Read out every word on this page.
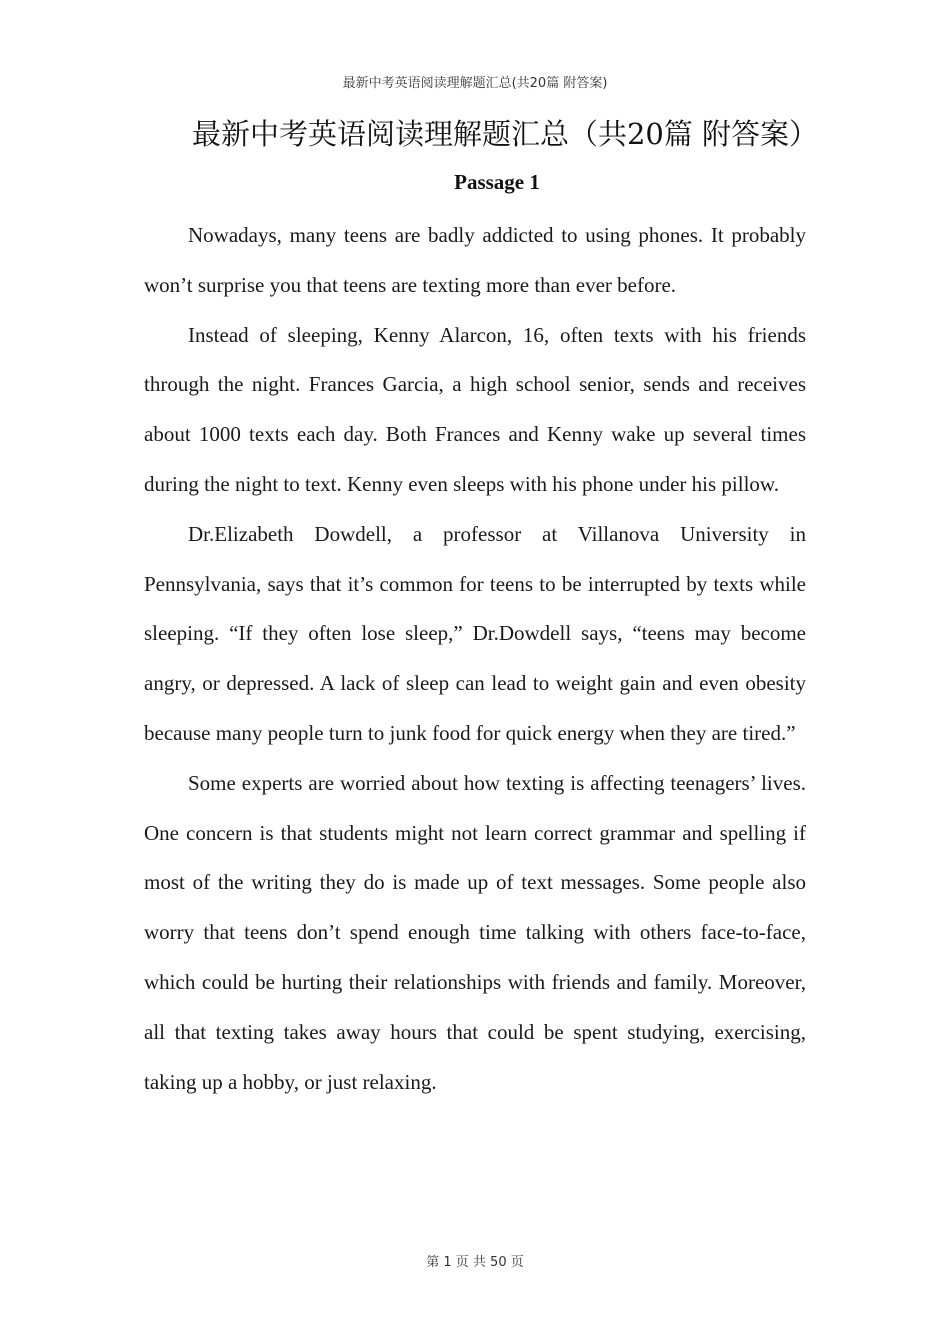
最新中考英语阅读理解题汇总(共20篇 附答案)
最新中考英语阅读理解题汇总（共20篇 附答案）
Passage 1

Nowadays, many teens are badly addicted to using phones. It probably won’t surprise you that teens are texting more than ever before.

Instead of sleeping, Kenny Alarcon, 16, often texts with his friends through the night. Frances Garcia, a high school senior, sends and receives about 1000 texts each day. Both Frances and Kenny wake up several times during the night to text. Kenny even sleeps with his phone under his pillow.

Dr.Elizabeth Dowdell, a professor at Villanova University in Pennsylvania, says that it’s common for teens to be interrupted by texts while sleeping. “If they often lose sleep,” Dr.Dowdell says, “teens may become angry, or depressed. A lack of sleep can lead to weight gain and even obesity because many people turn to junk food for quick energy when they are tired.”

Some experts are worried about how texting is affecting teenagers’ lives. One concern is that students might not learn correct grammar and spelling if most of the writing they do is made up of text messages. Some people also worry that teens don’t spend enough time talking with others face-to-face, which could be hurting their relationships with friends and family. Moreover, all that texting takes away hours that could be spent studying, exercising, taking up a hobby, or just relaxing.

第 1 页 共 50 页
